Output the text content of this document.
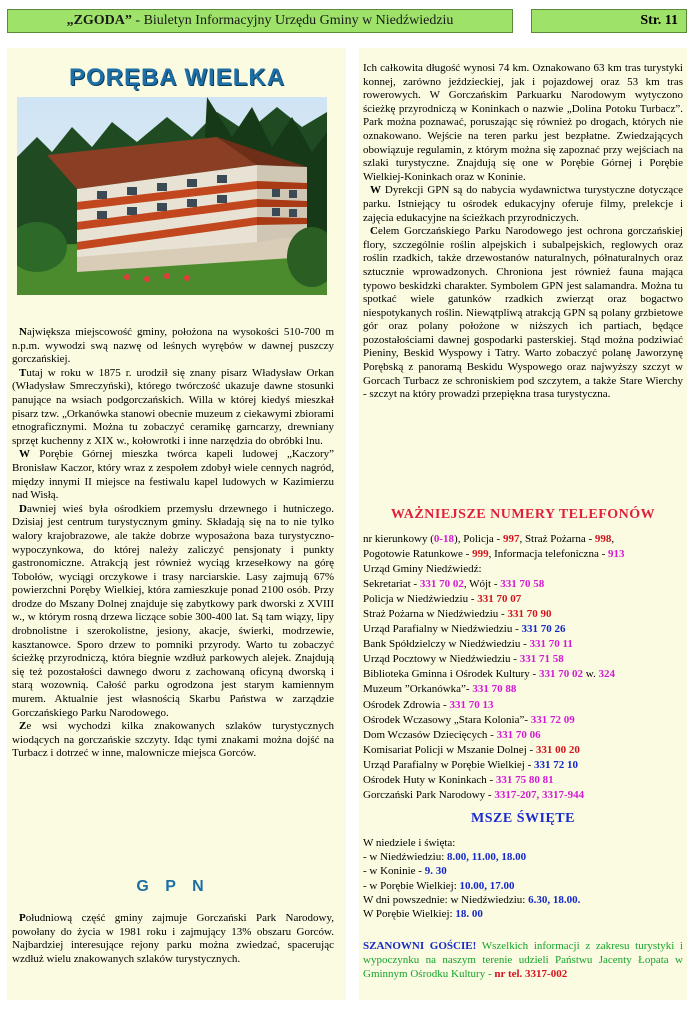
„ZGODA” - Biuletyn Informacyjny Urzędu Gminy w Niedźwiedziu	Str. 11
PORĘBA WIELKA

Największa miejscowość gminy, położona na wysokości 510-700 m n.p.m. wywodzi swą nazwę od leśnych wyrębów w dawnej puszczy gorczańskiej.

Tutaj w roku w 1875 r. urodził się znany pisarz Władysław Orkan (Władysław Smreczyński), którego twórczość ukazuje dawne stosunki panujące na wsiach podgorczańskich. Willa w której kiedyś mieszkał pisarz tzw. „Orkanówka stanowi obecnie muzeum z ciekawymi zbiorami etnograficznymi. Można tu zobaczyć ceramikę garncarzy, drewniany sprzęt kuchenny z XIX w., kołowrotki i inne narzędzia do obróbki lnu.

W Porębie Górnej mieszka twórca kapeli ludowej „Kaczory” Bronisław Kaczor, który wraz z zespołem zdobył wiele cennych nagród, między innymi II miejsce na festiwalu kapel ludowych w Kazimierzu nad Wisłą.

Dawniej wieś była ośrodkiem przemysłu drzewnego i hutniczego. Dzisiaj jest centrum turystycznym gminy. Składają się na to nie tylko walory krajobrazowe, ale także dobrze wyposażona baza turystyczno-wypoczynkowa, do której należy zaliczyć pensjonaty i punkty gastronomiczne. Atrakcją jest również wyciąg krzesełkowy na górę Tobołów, wyciągi orczykowe i trasy narciarskie. Lasy zajmują 67% powierzchni Poręby Wielkiej, która zamieszkuje ponad 2100 osób. Przy drodze do Mszany Dolnej znajduje się zabytkowy park dworski z XVIII w., w którym rosną drzewa liczące sobie 300-400 lat. Są tam wiązy, lipy drobnolistne i szerokolistne, jesiony, akacje, świerki, modrzewie, kasztanowce. Sporo drzew to pomniki przyrody. Warto tu zobaczyć ścieżkę przyrodniczą, która biegnie wzdłuż parkowych alejek. Znajdują się też pozostałości dawnego dworu z zachowaną oficyną dworską i starą wozownią. Całość parku ogrodzona jest starym kamiennym murem. Aktualnie jest własnością Skarbu Państwa w zarządzie Gorczańskiego Parku Narodowego.

Ze wsi wychodzi kilka znakowanych szlaków turystycznych wiodących na gorczańskie szczyty. Idąc tymi znakami można dojść na Turbacz i dotrzeć w inne, malownicze miejsca Gorców.

G P N

Południową część gminy zajmuje Gorczański Park Narodowy, powołany do życia w 1981 roku i zajmujący 13% obszaru Gorców. Najbardziej interesujące rejony parku można zwiedzać, spacerując wzdłuż wielu znakowanych szlaków turystycznych.

Ich całkowita długość wynosi 74 km. Oznakowano 63 km tras turystyki konnej, zarówno jeździeckiej, jak i pojazdowej oraz 53 km tras rowerowych. W Gorczańskim Parkuarku Narodowym wytyczono ścieżkę przyrodniczą w Koninkach o nazwie „Dolina Potoku Turbacz”. Park można poznawać, poruszając się również po drogach, których nie oznakowano. Wejście na teren parku jest bezpłatne. Zwiedzających obowiązuje regulamin, z którym można się zapoznać przy wejściach na szlaki turystyczne. Znajdują się one w Porębie Górnej i Porębie Wielkiej-Koninkach oraz w Koninie.

W Dyrekcji GPN są do nabycia wydawnictwa turystyczne dotyczące parku. Istniejący tu ośrodek edukacyjny oferuje filmy, prelekcje i zajęcia edukacyjne na ścieżkach przyrodniczych.

Celem Gorczańskiego Parku Narodowego jest ochrona gorczańskiej flory, szczególnie roślin alpejskich i subalpejskich, reglowych oraz roślin rzadkich, także drzewostanów naturalnych, półnaturalnych oraz sztucznie wprowadzonych. Chroniona jest również fauna mająca typowo beskidzki charakter. Symbolem GPN jest salamandra. Można tu spotkać wiele gatunków rzadkich zwierząt oraz bogactwo niespotykanych roślin. Niewątpliwą atrakcją GPN są polany grzbietowe gór oraz polany położone w niższych ich partiach, będące pozostałościami dawnej gospodarki pasterskiej. Stąd można podziwiać Pieniny, Beskid Wyspowy i Tatry. Warto zobaczyć polanę Jaworzynę Porębską z panoramą Beskidu Wyspowego oraz najwyższy szczyt w Gorcach Turbacz ze schroniskiem pod szczytem, a także Stare Wierchy - szczyt na który prowadzi przepiękna trasa turystyczna.

WAŻNIEJSZE NUMERY TELEFONÓW
nr kierunkowy (0-18), Policja - 997, Straż Pożarna - 998,
Pogotowie Ratunkowe - 999, Informacja telefoniczna - 913
Urząd Gminy Niedźwiedź:
Sekretariat - 331 70 02, Wójt - 331 70 58
Policja w Niedźwiedziu - 331 70 07
Straż Pożarna w Niedźwiedziu - 331 70 90
Urząd Parafialny w Niedźwiedziu - 331 70 26
Bank Spółdzielczy w Niedźwiedziu - 331 70 11
Urząd Pocztowy w Niedźwiedziu - 331 71 58
Biblioteka Gminna i Ośrodek Kultury - 331 70 02 w. 324
Muzeum ”Orkanówka”- 331 70 88
Ośrodek Zdrowia - 331 70 13
Ośrodek Wczasowy „Stara Kolonia”- 331 72 09
Dom Wczasów Dziecięcych - 331 70 06
Komisariat Policji w Mszanie Dolnej - 331 00 20
Urząd Parafialny w Porębie Wielkiej - 331 72 10
Ośrodek Huty w Koninkach - 331 75 80 81
Gorczański Park Narodowy - 3317-207, 3317-944
MSZE ŚWIĘTE
W niedziele i święta:
- w Niedźwiedziu: 8.00, 11.00, 18.00
- w Koninie - 9. 30
- w Porębie Wielkiej: 10.00, 17.00
W dni powszednie: w Niedźwiedziu: 6.30, 18.00.
W Porębie Wielkiej: 18. 00
SZANOWNI GOŚCIE! Wszelkich informacji z zakresu turystyki i wypoczynku na naszym terenie udzieli Państwu Jacenty Łopata w Gminnym Ośrodku Kultury - nr tel. 3317-002
